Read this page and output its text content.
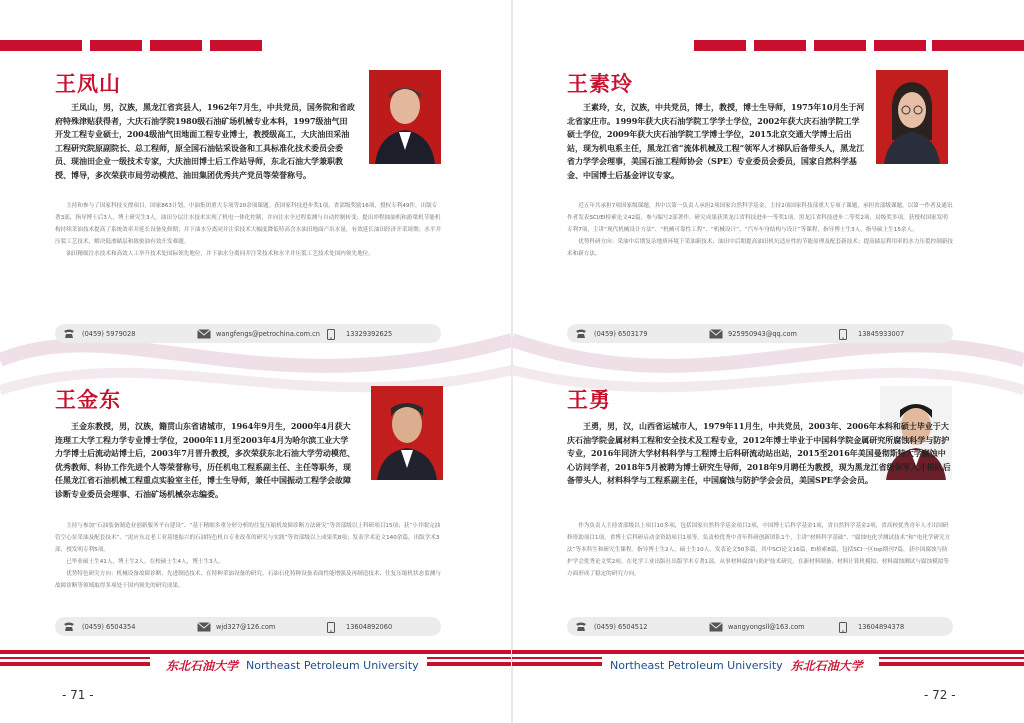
王凤山

王凤山，男，汉族，黑龙江省宾县人，1962年7月生，中共党员，国务院和省政府特殊津贴获得者，大庆石油学院1980级石油矿场机械专业本科，1997级油气田开发工程专业硕士，2004级油气田地面工程专业博士，教授级高工，大庆油田采油工程研究院原副院长、总工程师，原全国石油钻采设备和工具标准化技术委员会委员、现油田企业一级技术专家，大庆油田博士后工作站导师，东北石油大学兼职教授、博导，多次荣获市局劳动模范、油田集团优秀共产党员等荣誉称号。

主持和参与了国家科技支撑项目，国家863计划，中油集团重大专项等20余项课题。获国家科技进步奖1项，省部级奖励16项，授权专利49件，出版专著3部，指导博士后3人，博士研究生3人，油田分层注水技术实现了机电一体化控制，并向注水全过程监测与自动控制转变；提出冲程抽油机和游梁机节能机构持续采油技术提高了系统效率并延长设备免修期；并下油水分离同井注采技术大幅度降低特高含水油田地面产出水量，有效延长油田经济开采周期；水平井压裂工艺技术，解决低渗储层和致密油有效开发难题。

油田精细注水技术和高效人工举升技术处国际领先地位，并下油水分离同井注采技术和水平井压裂工艺技术处国内领先地位。

(0459) 5979028	wangfengs@petrochina.com.cn	13329392625
王金东

王金东教授，男，汉族，籍贯山东省诸城市，1964年9月生，2000年4月获大连理工大学工程力学专业博士学位，2000年11月至2003年4月为哈尔滨工业大学力学博士后流动站博士后，2003年7月晋升教授，多次荣获东北石油大学劳动模范、优秀教师、科协工作先进个人等荣誉称号，历任机电工程系副主任、主任等职务，现任黑龙江省石油机械工程重点实验室主任，博士生导师，兼任中国振动工程学会故障诊断专业委员会理事、石油矿场机械杂志编委。

主持与参加“石油装备制造业创新服务平台建设”、“基于精细多重分形分析的往复压缩机故障诊断方法研究”等省部级以上科研项目15项；获“小井眼完油管空心泵采油及配套技术”、“泥应东北老工业基地振兴的石油特色机自专业改革的研究与实践”等省部级以上成果奖8项；发表学术论文140余篇，出版学术3部，授发明专利5项。

已毕业硕士生41人，博士生2人，在校硕士生4人，博士生3人。

优势特色研究方向：机械设备故障诊断、先进制造技术、在特种采油设备的研究、石油石化特种设备表面性能增强及再制造技术、往复压缩机状态监测与故障诊断等领域取得多项处于国内领先的研究成果。

(0459) 6504354	wjd327@126.com	13604892060
东北石油大学 Northeast Petroleum University
- 71 -
王素玲

王素玲，女，汉族，中共党员，博士，教授，博士生导师，1975年10月生于河北省家庄市。1999年获大庆石油学院工学学士学位，2002年获大庆石油学院工学硕士学位，2009年获大庆石油学院工学博士学位，2015北京交通大学博士后出站，现为机电系主任，黑龙江省“流体机械及工程”领军人才梯队后备带头人，黑龙江省力学学会理事，美国石油工程师协会（SPE）专业委员会委员，国家自然科学基金、中国博士后基金评议专家。

近五年共承担7项国家级课题，其中以第一负责人承担2项国家自然科学基金，主持2项国家科技部重大专项子课题，承担省部级课题，以第一作者及通讯作者发表SCI/EI检索论文42篇，参与编写2部著作，研究成果获黑龙江省科技进步一等奖1项，黑龙江省科技进步二等奖2项，局级奖多项，获授权国家发明专利7项，主讲“现代机械设计方法”、“机械可靠性工程”、“机械设计”、“汽车车身结构与设计”等课程，指导博士生3人，指导硕士生15余人。

优势科研方向：采油中后期复杂地质环境下采油新技术；油田中后期提高油田机坑适应性的节能原理及配套新技术；提高储层利用率的水力压裂控制新技术和新方法。

(0459) 6503179	925950943@qq.com	13845933007
王勇

王勇，男，汉，山西省运城市人，1979年11月生，中共党员，2003年、2006年本科和硕士毕业于大庆石油学院金属材料工程和安全技术及工程专业，2012年博士毕业于中国科学院金属研究所腐蚀科学与防护专业，2016年同济大学材料科学与工程博士后科研流动站出站，2015至2016年美国曼彻斯特大学腐蚀中心访问学者，2018年5月被聘为博士研究生导师，2018年9月聘任为教授，现为黑龙江省级领军人才梯队后备带头人，材料科学与工程系副主任，中国腐蚀与防护学会会员，美国SPE学会会员。

作为负责人主持省部级以上项目10多项，包括国家自然科学基金项目2项，中国博士后科学基金1项，省自然科学基金2项，省高校优秀青年人才出国研修资助项目1项，省博士后科研启动金资助项目1项等，负责校优秀中青年科研创新团队1个，主讲“材料科学基础”、“腐蚀电化学测试技术”和“电化学研究方法”等本科生和研究生课程。指导博士生2人，硕士生10人，发表论文50多篇，其中SCI论文16篇，EI检索8篇，包括SCI一区top期刊7篇，获中国腐蚀与防护学会优秀论文奖2项。在化学工业出版社出版学术专著1部，从事材料腐蚀与防护技术研究，在新材料制备、材料计算机模拟、材料腐蚀测试与腐蚀模拟等方面形成了稳定的研究方向。

(0459) 6504512	wangyongsll@163.com	13604894378
Northeast Petroleum University 东北石油大学
- 72 -
